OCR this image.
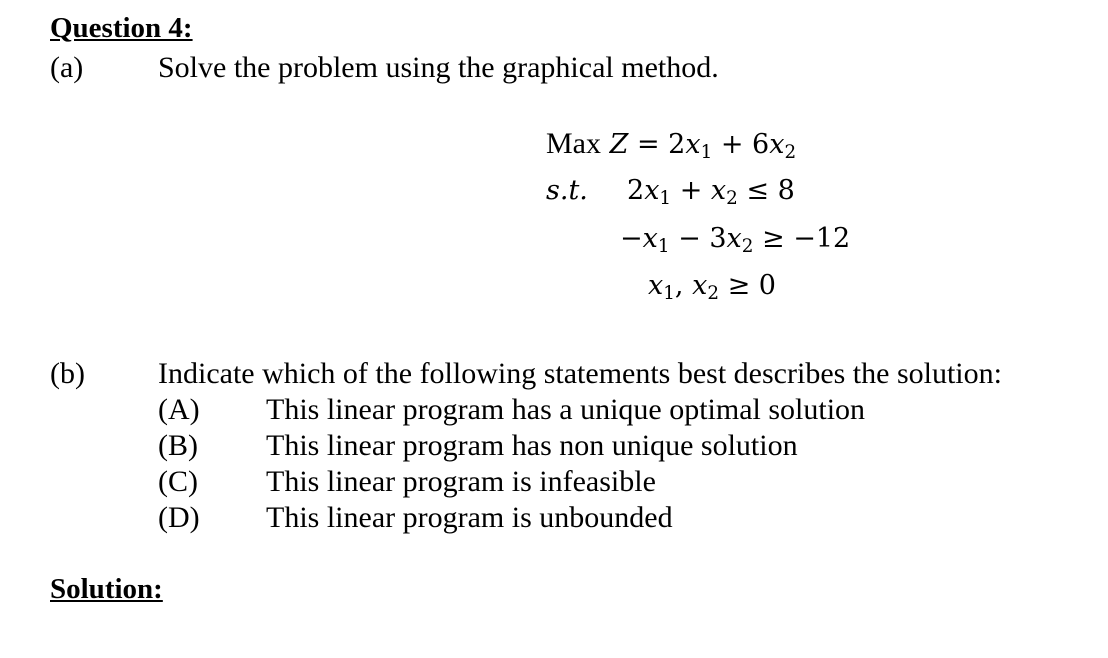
Question 4:
(a) Solve the problem using the graphical method.
Max $Z = 2x_1 + 6x_2$
s.t. $2x_1 + x_2 \le 8$
$-x_1 - 3x_2 \ge -12$
$x_1$, $x_2 \ge 0$
(b) Indicate which of the following statements best describes the solution:
(A) This linear program has a unique optimal solution
(B) This linear program has non unique solution
(C) This linear program is infeasible
(D) This linear program is unbounded
Solution:
